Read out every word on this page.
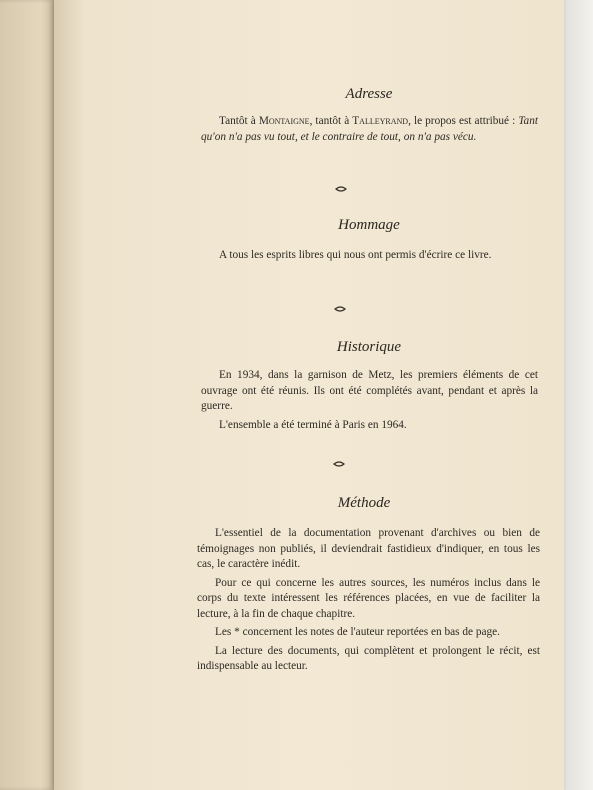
Adresse

Tantôt à Montaigne, tantôt à Talleyrand, le propos est attribué : Tant qu'on n'a pas vu tout, et le contraire de tout, on n'a pas vécu.

Hommage

A tous les esprits libres qui nous ont permis d'écrire ce livre.

Historique

En 1934, dans la garnison de Metz, les premiers éléments de cet ouvrage ont été réunis. Ils ont été complétés avant, pendant et après la guerre.

L'ensemble a été terminé à Paris en 1964.

Méthode

L'essentiel de la documentation provenant d'archives ou bien de témoignages non publiés, il deviendrait fastidieux d'indiquer, en tous les cas, le caractère inédit.

Pour ce qui concerne les autres sources, les numéros inclus dans le corps du texte intéressent les références placées, en vue de faciliter la lecture, à la fin de chaque chapitre.

Les * concernent les notes de l'auteur reportées en bas de page.

La lecture des documents, qui complètent et prolongent le récit, est indispensable au lecteur.
